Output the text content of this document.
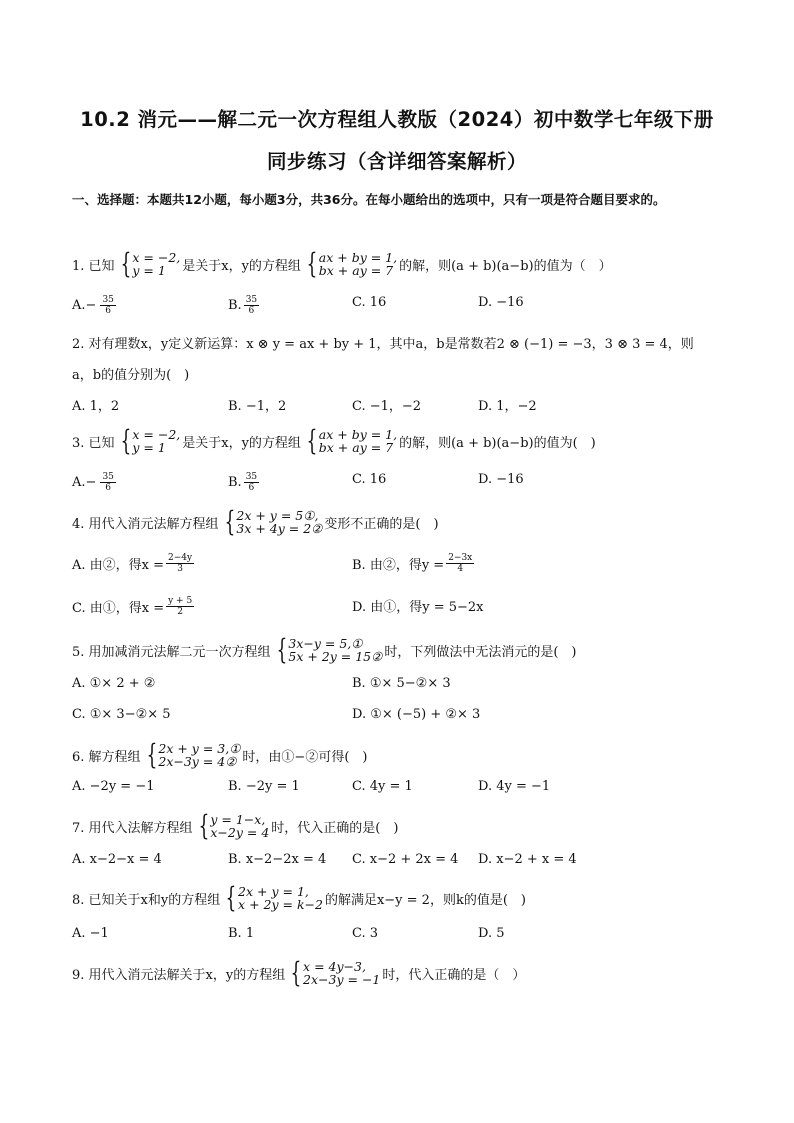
10.2 消元——解二元一次方程组人教版（2024）初中数学七年级下册
同步练习（含详细答案解析）
一、选择题：本题共12小题，每小题3分，共36分。在每小题给出的选项中，只有一项是符合题目要求的。
1. 已知 { x = −2,
y = 1	是关于x，y的方程组 { ax + by = 1,
bx + ay = 7 的解，则(a + b)(a−b)的值为（　）
A. − $\frac{35}{6}$	B. $\frac{35}{6}$	C. 16	D. −16
2. 对有理数x，y定义新运算：x ⊗ y = ax + by + 1，其中a，b是常数若2 ⊗ (−1) = −3，3 ⊗ 3 = 4，则
a，b的值分别为(　)
A. 1，2	B. −1，2	C. −1，−2	D. 1，−2
3. 已知 { x = −2,
y = 1	是关于x，y的方程组 { ax + by = 1,
bx + ay = 7 的解，则(a + b)(a−b)的值为(　)
A. − $\frac{35}{6}$	B. $\frac{35}{6}$	C. 16	D. −16
4. 用代入消元法解方程组 { 2x + y = 5①,
3x + 4y = 2② 变形不正确的是(　)
A. 由②，得$x = \frac{2-4y}{3}$	B. 由②，得$y = \frac{2-3x}{4}$
C. 由①，得$x = \frac{y + 5}{2}$	D. 由①，得y = 5−2x
5. 用加减消元法解二元一次方程组 { 3x−y = 5,①
5x + 2y = 15② 时，下列做法中无法消元的是(　)
A. ①× 2 + ②	B. ①× 5−②× 3
C. ①× 3−②× 5	D. ①× (−5) + ②× 3
6. 解方程组 { 2x + y = 3,①
2x−3y = 4② 时，由①−②可得(　)
A. −2y = −1	B. −2y = 1	C. 4y = 1	D. 4y = −1
7. 用代入法解方程组 { y = 1−x,
x−2y = 4 时，代入正确的是(　)
A. x−2−x = 4	B. x−2−2x = 4 C. x−2 + 2x = 4 D. x−2 + x = 4
8. 已知关于x和y的方程组 { 2x + y = 1,
x + 2y = k−2 的解满足x−y = 2，则k的值是(　)
A. −1	B. 1	C. 3	D. 5
9. 用代入消元法解关于x，y的方程组 { x = 4y−3,
2x−3y = −1 时，代入正确的是（　）
